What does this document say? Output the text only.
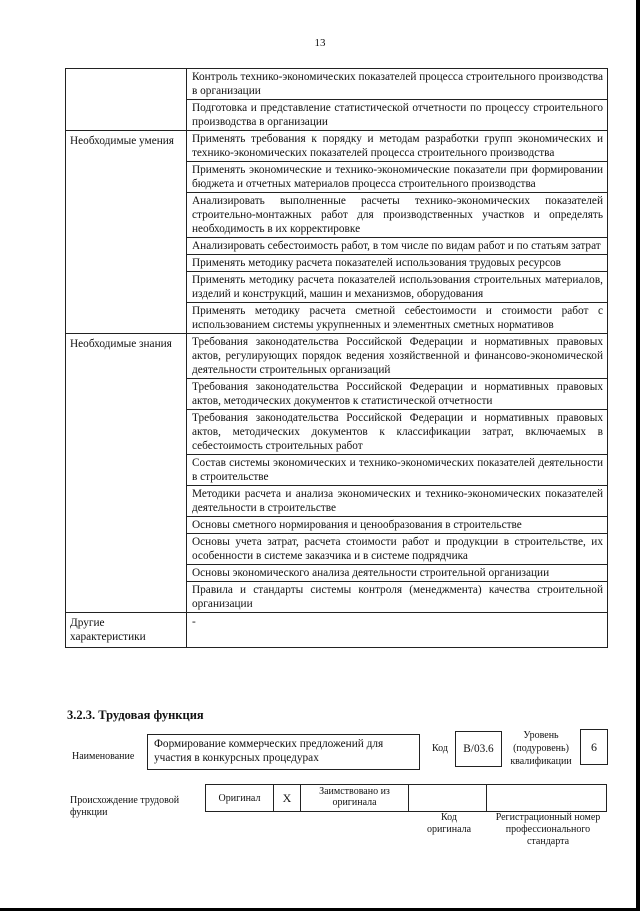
13
	Контроль технико-экономических показателей процесса строительного производства в организации
	Подготовка и представление статистической отчетности по процессу строительного производства в организации
Необходимые умения	Применять требования к порядку и методам разработки групп экономических и технико-экономических показателей процесса строительного производства
	Применять экономические и технико-экономические показатели при формировании бюджета и отчетных материалов процесса строительного производства
	Анализировать выполненные расчеты технико-экономических показателей строительно-монтажных работ для производственных участков и определять необходимость в их корректировке
	Анализировать себестоимость работ, в том числе по видам работ и по статьям затрат
	Применять методику расчета показателей использования трудовых ресурсов
	Применять методику расчета показателей использования строительных материалов, изделий и конструкций, машин и механизмов, оборудования
	Применять методику расчета сметной себестоимости и стоимости работ с использованием системы укрупненных и элементных сметных нормативов
Необходимые знания	Требования законодательства Российской Федерации и нормативных правовых актов, регулирующих порядок ведения хозяйственной и финансово-экономической деятельности строительных организаций
	Требования законодательства Российской Федерации и нормативных правовых актов, методических документов к статистической отчетности
	Требования законодательства Российской Федерации и нормативных правовых актов, методических документов к классификации затрат, включаемых в себестоимость строительных работ
	Состав системы экономических и технико-экономических показателей деятельности в строительстве
	Методики расчета и анализа экономических и технико-экономических показателей деятельности в строительстве
	Основы сметного нормирования и ценообразования в строительстве
	Основы учета затрат, расчета стоимости работ и продукции в строительстве, их особенности в системе заказчика и в системе подрядчика
	Основы экономического анализа деятельности строительной организации
	Правила и стандарты системы контроля (менеджмента) качества строительной организации
Другие характеристики	-
3.2.3. Трудовая функция
Наименование
Формирование коммерческих предложений для участия в конкурсных процедурах
Код	B/03.6
Уровень (подуровень) квалификации
6
Происхождение трудовой функции
Оригинал	X	Заимствовано из оригинала		
Код оригинала
Регистрационный номер профессионального стандарта
